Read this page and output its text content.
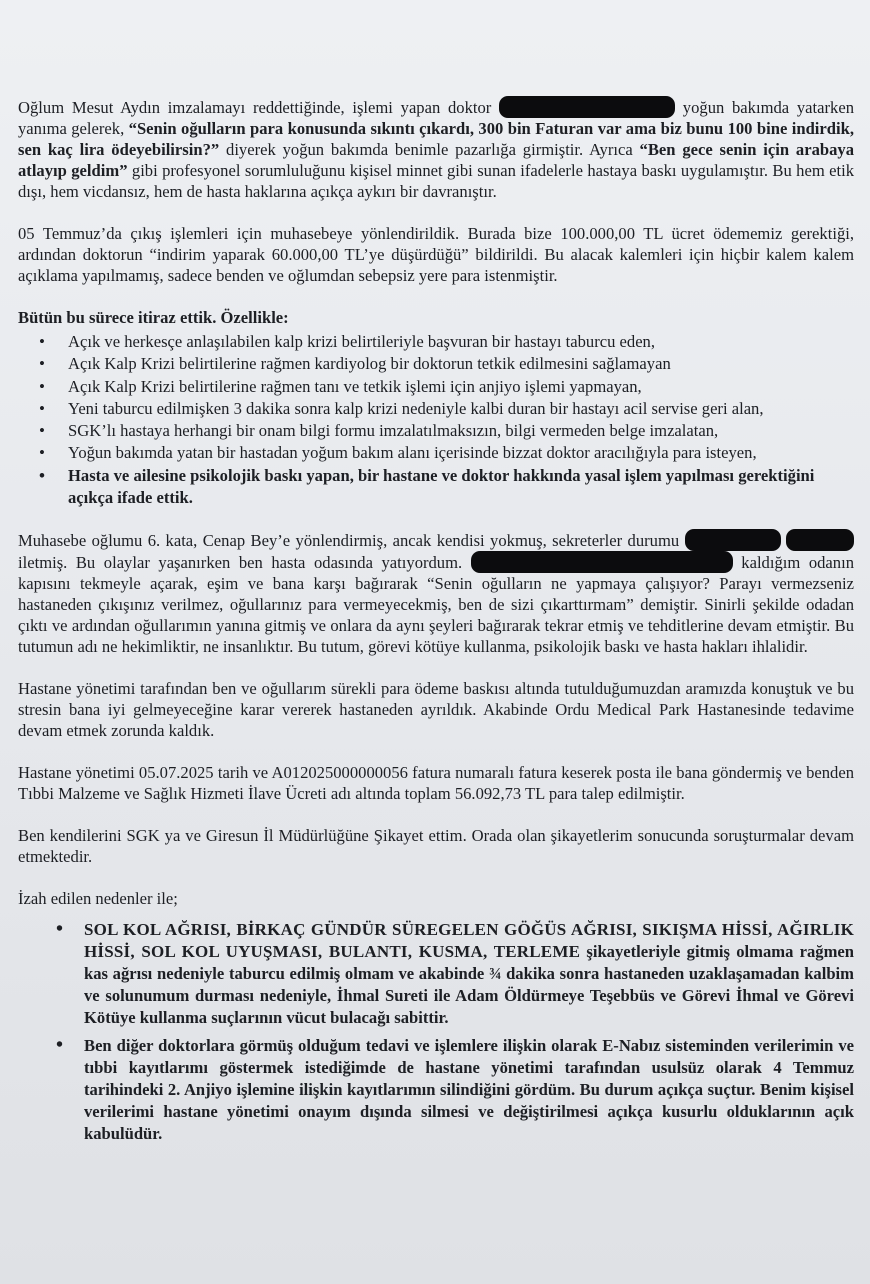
Oğlum Mesut Aydın imzalamayı reddettiğinde, işlemi yapan doktor	yoğun bakımda yatarken yanıma gelerek, “Senin oğulların para konusunda sıkıntı çıkardı, 300 bin Faturan var ama biz bunu 100 bine indirdik, sen kaç lira ödeyebilirsin?” diyerek yoğun bakımda benimle pazarlığa girmiştir. Ayrıca “Ben gece senin için arabaya atlayıp geldim” gibi profesyonel sorumluluğunu kişisel minnet gibi sunan ifadelerle hastaya baskı uygulamıştır. Bu hem etik dışı, hem vicdansız, hem de hasta haklarına açıkça aykırı bir davranıştır.

05 Temmuz’da çıkış işlemleri için muhasebeye yönlendirildik. Burada bize 100.000,00 TL ücret ödememiz gerektiği, ardından doktorun “indirim yaparak 60.000,00 TL’ye düşürdüğü” bildirildi. Bu alacak kalemleri için hiçbir kalem kalem açıklama yapılmamış, sadece benden ve oğlumdan sebepsiz yere para istenmiştir.

Bütün bu sürece itiraz ettik. Özellikle:
• Açık ve herkesçe anlaşılabilen kalp krizi belirtileriyle başvuran bir hastayı taburcu eden,
• Açık Kalp Krizi belirtilerine rağmen kardiyolog bir doktorun tetkik edilmesini sağlamayan
• Açık Kalp Krizi belirtilerine rağmen tanı ve tetkik işlemi için anjiyo işlemi yapmayan,
• Yeni taburcu edilmişken 3 dakika sonra kalp krizi nedeniyle kalbi duran bir hastayı acil servise geri alan,
• SGK’lı hastaya herhangi bir onam bilgi formu imzalatılmaksızın, bilgi vermeden belge imzalatan,
• Yoğun bakımda yatan bir hastadan yoğum bakım alanı içerisinde bizzat doktor aracılığıyla para isteyen,
• Hasta ve ailesine psikolojik baskı yapan, bir hastane ve doktor hakkında yasal işlem yapılması gerektiğini açıkça ifade ettik.

Muhasebe oğlumu 6. kata, Cenap Bey’e yönlendirmiş, ancak kendisi yokmuş, sekreterler durumu   iletmiş. Bu olaylar yaşanırken ben hasta odasında yatıyordum.	kaldığım odanın kapısını tekmeyle açarak, eşim ve bana karşı bağırarak “Senin oğulların ne yapmaya çalışıyor? Parayı vermezseniz hastaneden çıkışınız verilmez, oğullarınız para vermeyecekmiş, ben de sizi çıkarttırmam” demiştir. Sinirli şekilde odadan çıktı ve ardından oğullarımın yanına gitmiş ve onlara da aynı şeyleri bağırarak tekrar etmiş ve tehditlerine devam etmiştir. Bu tutumun adı ne hekimliktir, ne insanlıktır. Bu tutum, görevi kötüye kullanma, psikolojik baskı ve hasta hakları ihlalidir.

Hastane yönetimi tarafından ben ve oğullarım sürekli para ödeme baskısı altında tutulduğumuzdan aramızda konuştuk ve bu stresin bana iyi gelmeyeceğine karar vererek hastaneden ayrıldık. Akabinde Ordu Medical Park Hastanesinde tedavime devam etmek zorunda kaldık.

Hastane yönetimi 05.07.2025 tarih ve A012025000000056 fatura numaralı fatura keserek posta ile bana göndermiş ve benden Tıbbi Malzeme ve Sağlık Hizmeti İlave Ücreti adı altında toplam 56.092,73 TL para talep edilmiştir.

Ben kendilerini SGK ya ve Giresun İl Müdürlüğüne Şikayet ettim. Orada olan şikayetlerim sonucunda soruşturmalar devam etmektedir.

İzah edilen nedenler ile;

• SOL KOL AĞRISI, BİRKAÇ GÜNDÜR SÜREGELEN GÖĞÜS AĞRISI, SIKIŞMA HİSSİ, AĞIRLIK HİSSİ, SOL KOL UYUŞMASI, BULANTI, KUSMA, TERLEME şikayetleriyle gitmiş olmama rağmen kas ağrısı nedeniyle taburcu edilmiş olmam ve akabinde ¾ dakika sonra hastaneden uzaklaşamadan kalbim ve solunumum durması nedeniyle, İhmal Sureti ile Adam Öldürmeye Teşebbüs ve Görevi İhmal ve Görevi Kötüye kullanma suçlarının vücut bulacağı sabittir.
• Ben diğer doktorlara görmüş olduğum tedavi ve işlemlere ilişkin olarak E-Nabız sisteminden verilerimin ve tıbbi kayıtlarımı göstermek istediğimde de hastane yönetimi tarafından usulsüz olarak 4 Temmuz tarihindeki 2. Anjiyo işlemine ilişkin kayıtlarımın silindiğini gördüm. Bu durum açıkça suçtur. Benim kişisel verilerimi hastane yönetimi onayım dışında silmesi ve değiştirilmesi açıkça kusurlu olduklarının açık kabulüdür.
